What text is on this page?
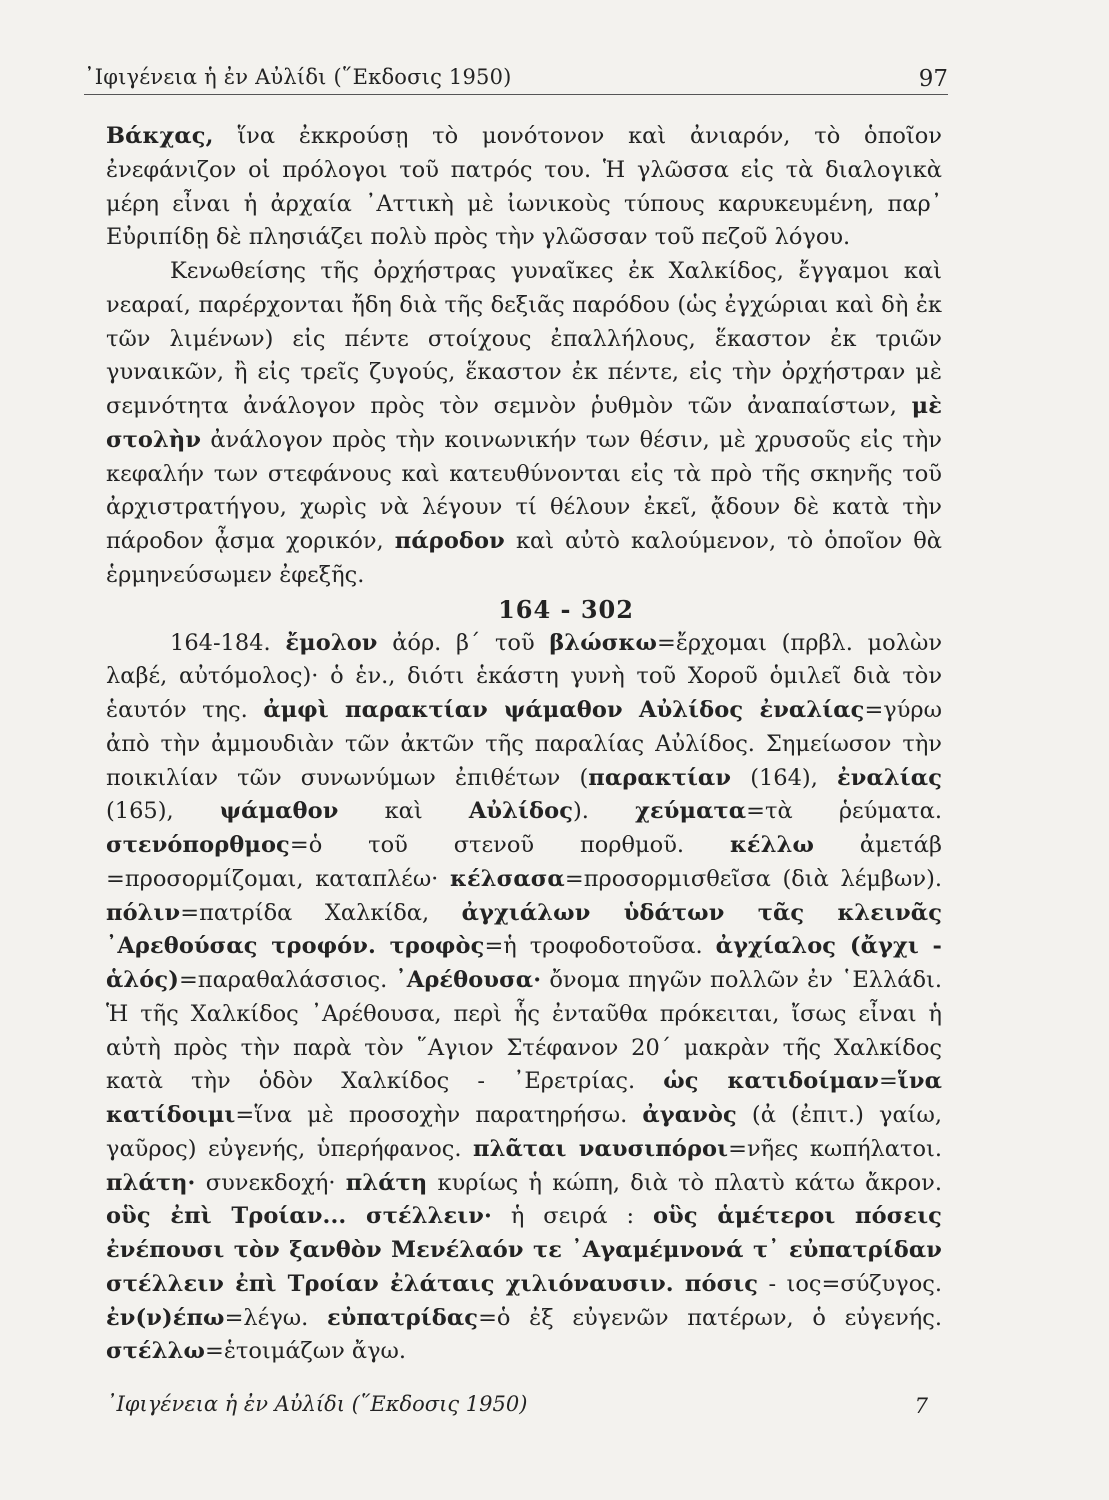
᾿Ιφιγένεια ἡ ἐν Αὐλίδι (῞Εκδοσις 1950)	97

Βάκχας, ἵνα ἐκκρούσῃ τὸ μονότονον καὶ ἀνιαρόν, τὸ ὁποῖον ἐνεφάνιζον οἱ πρόλογοι τοῦ πατρός του. Ἡ γλῶσσα εἰς τὰ διαλογικὰ μέρη εἶναι ἡ ἀρχαία ᾿Αττικὴ μὲ ἰωνικοὺς τύπους καρυκευμένη, παρ᾿ Εὐριπίδῃ δὲ πλησιάζει πολὺ πρὸς τὴν γλῶσσαν τοῦ πεζοῦ λόγου.

Κενωθείσης τῆς ὀρχήστρας γυναῖκες ἐκ Χαλκίδος, ἔγγαμοι καὶ νεαραί, παρέρχονται ἤδη διὰ τῆς δεξιᾶς παρόδου (ὡς ἐγχώριαι καὶ δὴ ἐκ τῶν λιμένων) εἰς πέντε στοίχους ἐπαλλήλους, ἕκαστον ἐκ τριῶν γυναικῶν, ἢ εἰς τρεῖς ζυγούς, ἕκαστον ἐκ πέντε, εἰς τὴν ὀρχήστραν μὲ σεμνότητα ἀνάλογον πρὸς τὸν σεμνὸν ῥυθμὸν τῶν ἀναπαίστων, μὲ στολὴν ἀνάλογον πρὸς τὴν κοινωνικήν των θέσιν, μὲ χρυσοῦς εἰς τὴν κεφαλήν των στεφάνους καὶ κατευθύνονται εἰς τὰ πρὸ τῆς σκηνῆς τοῦ ἀρχιστρατήγου, χωρὶς νὰ λέγουν τί θέλουν ἐκεῖ, ᾄδουν δὲ κατὰ τὴν πάροδον ᾆσμα χορικόν, πάροδον καὶ αὐτὸ καλούμενον, τὸ ὁποῖον θὰ ἑρμηνεύσωμεν ἐφεξῆς.

164 - 302

164-184. ἔμολον ἀόρ. β΄ τοῦ βλώσκω=ἔρχομαι (πρβλ. μολὼν λαβέ, αὐτόμολος)· ὁ ἑν., διότι ἑκάστη γυνὴ τοῦ Χοροῦ ὁμιλεῖ διὰ τὸν ἑαυτόν της. ἀμφὶ παρακτίαν ψάμαθον Αὐλίδος ἐναλίας=γύρω ἀπὸ τὴν ἀμμουδιὰν τῶν ἀκτῶν τῆς παραλίας Αὐλίδος. Σημείωσον τὴν ποικιλίαν τῶν συνωνύμων ἐπιθέτων (παρακτίαν (164), ἐναλίας (165), ψάμαθον καὶ Αὐλίδος). χεύματα=τὰ ῥεύματα. στενόπορθμος=ὁ τοῦ στενοῦ πορθμοῦ. κέλλω ἀμετάβ =προσορμίζομαι, καταπλέω· κέλσασα=προσορμισθεῖσα (διὰ λέμβων). πόλιν=πατρίδα Χαλκίδα, ἀγχιάλων ὑδάτων τᾶς κλεινᾶς ᾿Αρεθούσας τροφόν. τροφὸς=ἡ τροφοδοτοῦσα. ἀγχίαλος (ἄγχι - ἁλός)=παραθαλάσσιος. ᾿Αρέθουσα· ὄνομα πηγῶν πολλῶν ἐν ῾Ελλάδι. Ἡ τῆς Χαλκίδος ᾿Αρέθουσα, περὶ ἧς ἐνταῦθα πρόκειται, ἴσως εἶναι ἡ αὐτὴ πρὸς τὴν παρὰ τὸν ῞Αγιον Στέφανον 20΄ μακρὰν τῆς Χαλκίδος κατὰ τὴν ὁδὸν Χαλκίδος - ᾿Ερετρίας. ὡς κατιδοίμαν=ἵνα κατίδοιμι=ἵνα μὲ προσοχὴν παρατηρήσω. ἀγανὸς (ἀ (ἐπιτ.) γαίω, γαῦρος) εὐγενής, ὑπερήφανος. πλᾶται ναυσιπόροι=νῆες κωπήλατοι. πλάτη· συνεκδοχή· πλάτη κυρίως ἡ κώπη, διὰ τὸ πλατὺ κάτω ἄκρον. οὓς ἐπὶ Τροίαν... στέλλειν· ἡ σειρά : οὓς ἁμέτεροι πόσεις ἐνέπουσι τὸν ξανθὸν Μενέλαόν τε ᾿Αγαμέμνονά τ᾿ εὐπατρίδαν στέλλειν ἐπὶ Τροίαν ἐλάταις χιλιόναυσιν. πόσις - ιος=σύζυγος. ἐν(ν)έπω=λέγω. εὐπατρίδας=ὁ ἐξ εὐγενῶν πατέρων, ὁ εὐγενής. στέλλω=ἑτοιμάζων ἄγω.

᾿Ιφιγένεια ἡ ἐν Αὐλίδι (῞Εκδοσις 1950)	7
